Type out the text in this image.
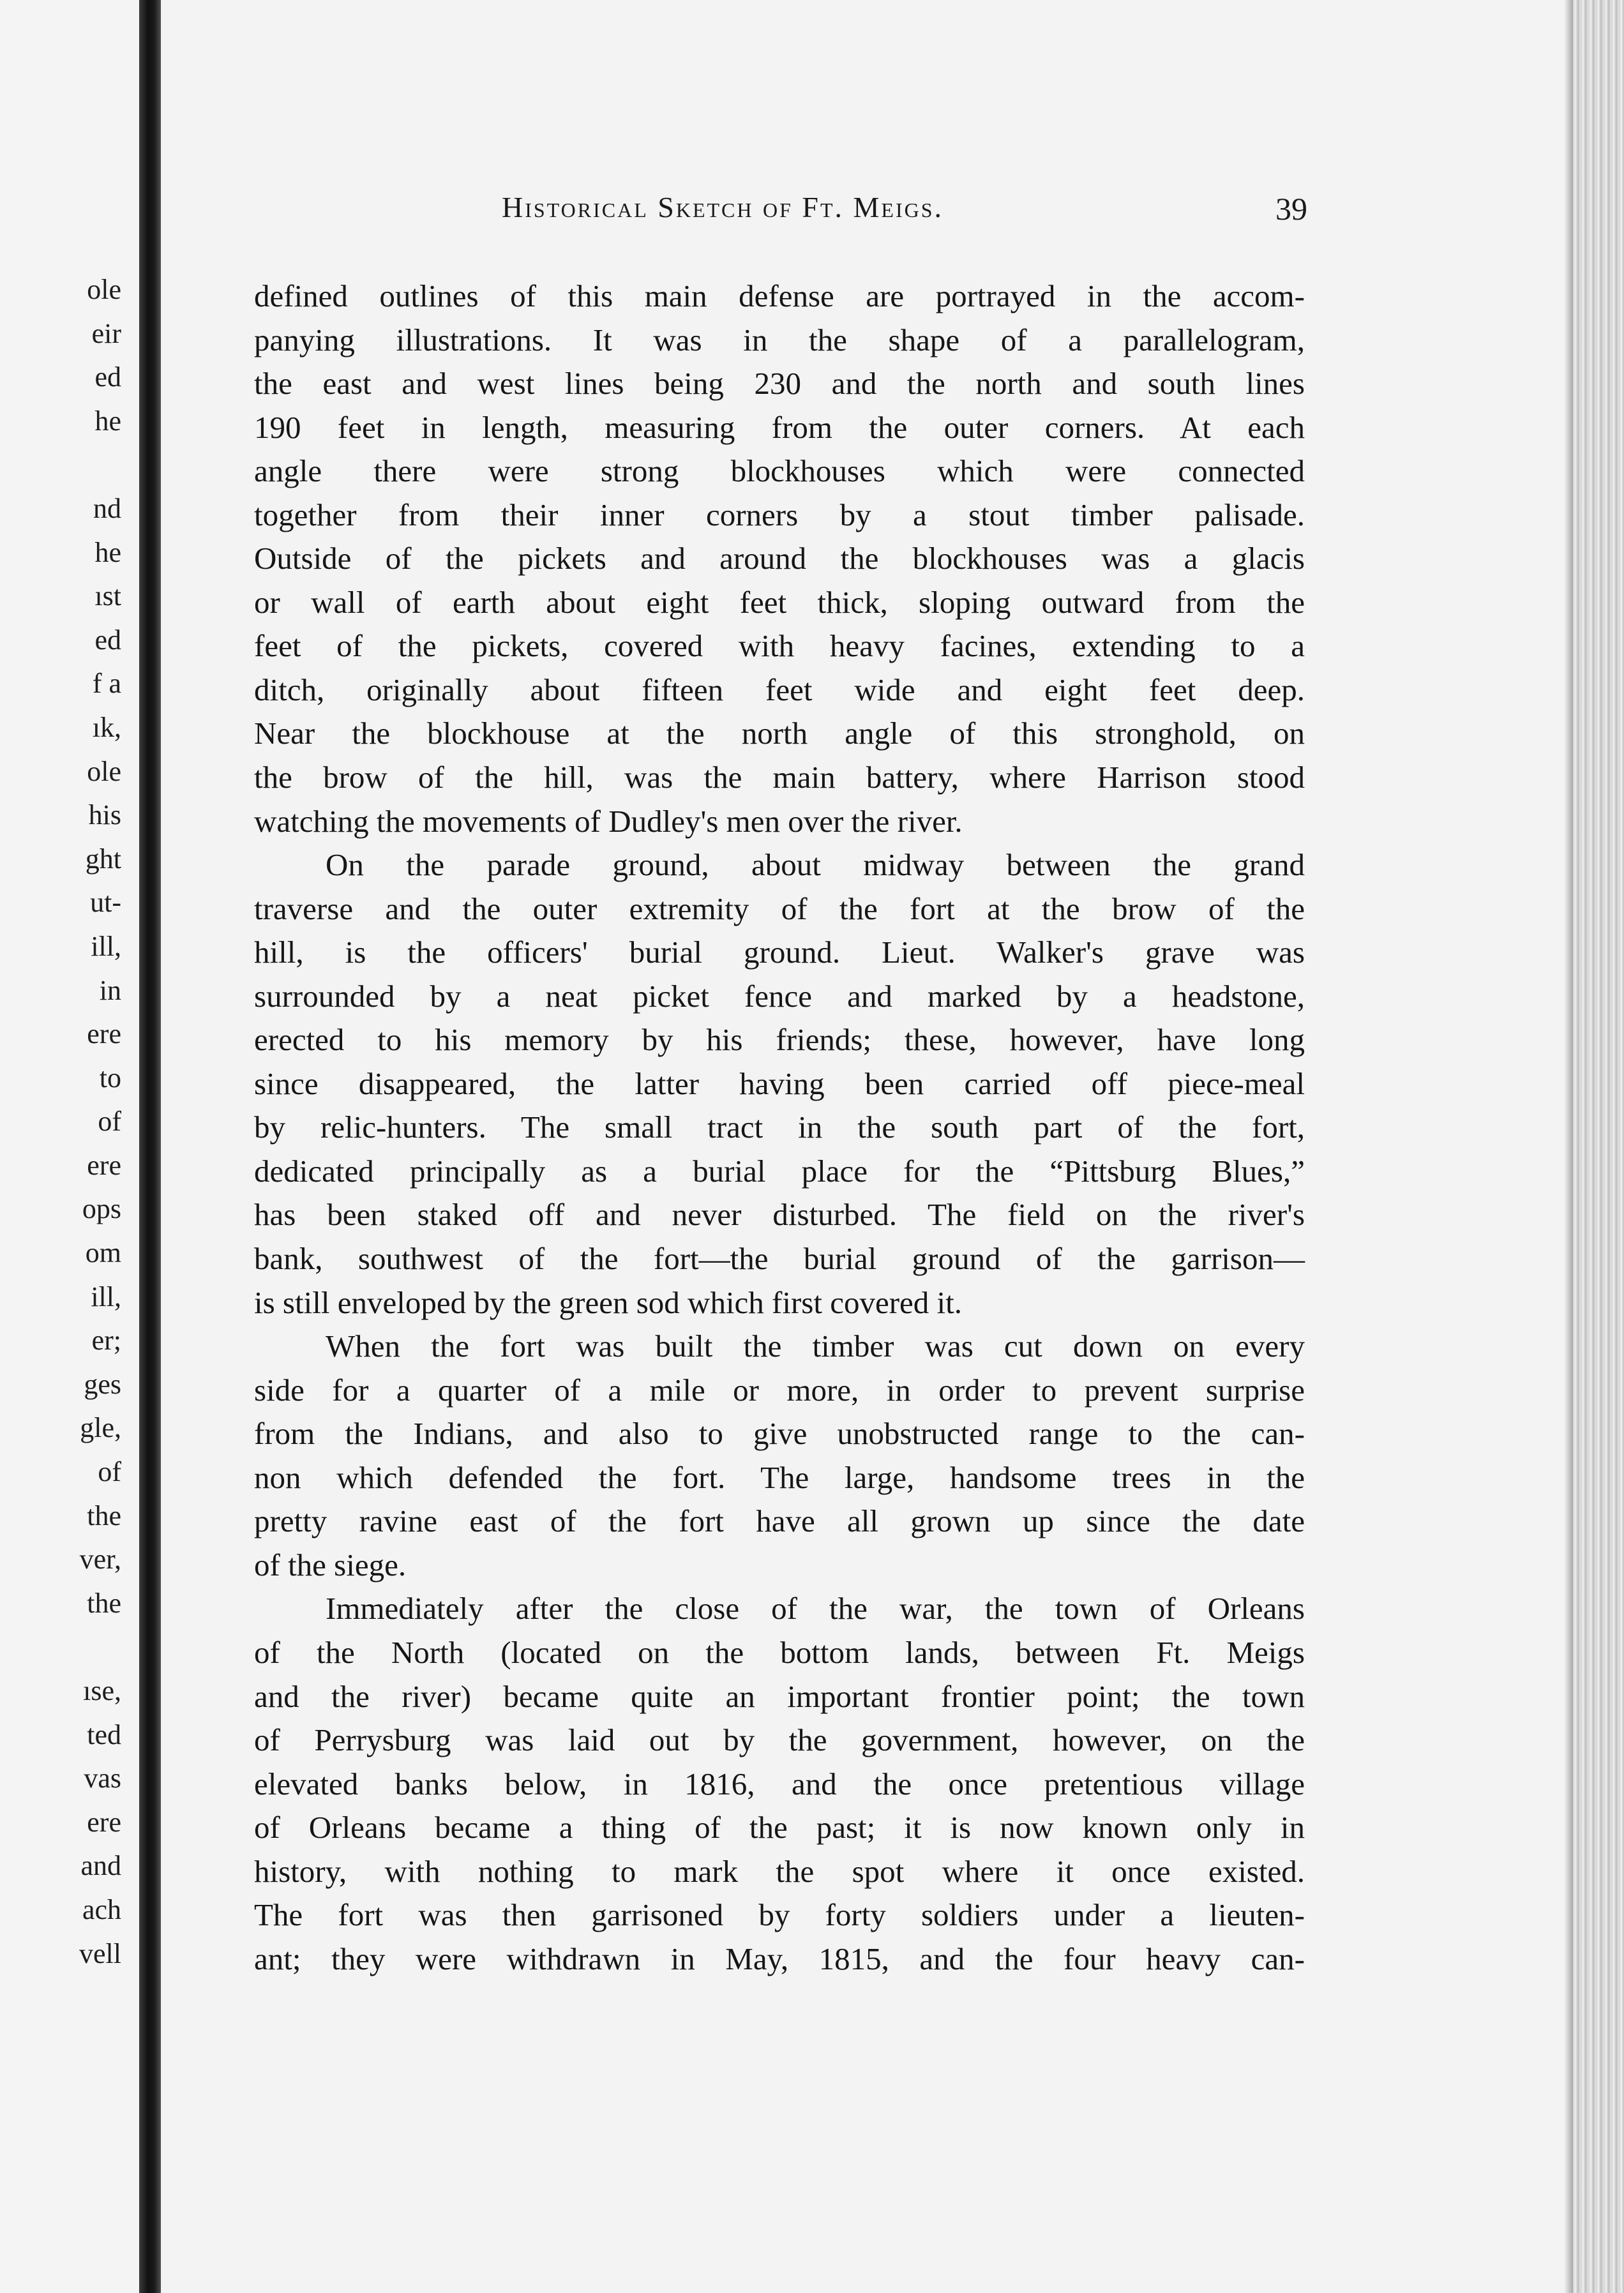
ole
eir
ed
he
nd
he
ıst
ed
f a
ık,
ole
his
ght
ut-
ill,
in
ere
to
of
ere
ops
om
ill,
er;
ges
gle,
of
the
ver,
the
ıse,
ted
vas
ere
and
ach
vell
Historical Sketch of Ft. Meigs.	39
defined outlines of this main defense are portrayed in the accom-
panying illustrations. It was in the shape of a parallelogram,
the east and west lines being 230 and the north and south lines
190 feet in length, measuring from the outer corners. At each
angle there were strong blockhouses which were connected
together from their inner corners by a stout timber palisade.
Outside of the pickets and around the blockhouses was a glacis
or wall of earth about eight feet thick, sloping outward from the
feet of the pickets, covered with heavy facines, extending to a
ditch, originally about fifteen feet wide and eight feet deep.
Near the blockhouse at the north angle of this stronghold, on
the brow of the hill, was the main battery, where Harrison stood
watching the movements of Dudley's men over the river.
On the parade ground, about midway between the grand
traverse and the outer extremity of the fort at the brow of the
hill, is the officers' burial ground. Lieut. Walker's grave was
surrounded by a neat picket fence and marked by a headstone,
erected to his memory by his friends; these, however, have long
since disappeared, the latter having been carried off piece-meal
by relic-hunters. The small tract in the south part of the fort,
dedicated principally as a burial place for the “Pittsburg Blues,”
has been staked off and never disturbed. The field on the river's
bank, southwest of the fort—the burial ground of the garrison—
is still enveloped by the green sod which first covered it.
When the fort was built the timber was cut down on every
side for a quarter of a mile or more, in order to prevent surprise
from the Indians, and also to give unobstructed range to the can-
non which defended the fort. The large, handsome trees in the
pretty ravine east of the fort have all grown up since the date
of the siege.
Immediately after the close of the war, the town of Orleans
of the North (located on the bottom lands, between Ft. Meigs
and the river) became quite an important frontier point; the town
of Perrysburg was laid out by the government, however, on the
elevated banks below, in 1816, and the once pretentious village
of Orleans became a thing of the past; it is now known only in
history, with nothing to mark the spot where it once existed.
The fort was then garrisoned by forty soldiers under a lieuten-
ant; they were withdrawn in May, 1815, and the four heavy can-
